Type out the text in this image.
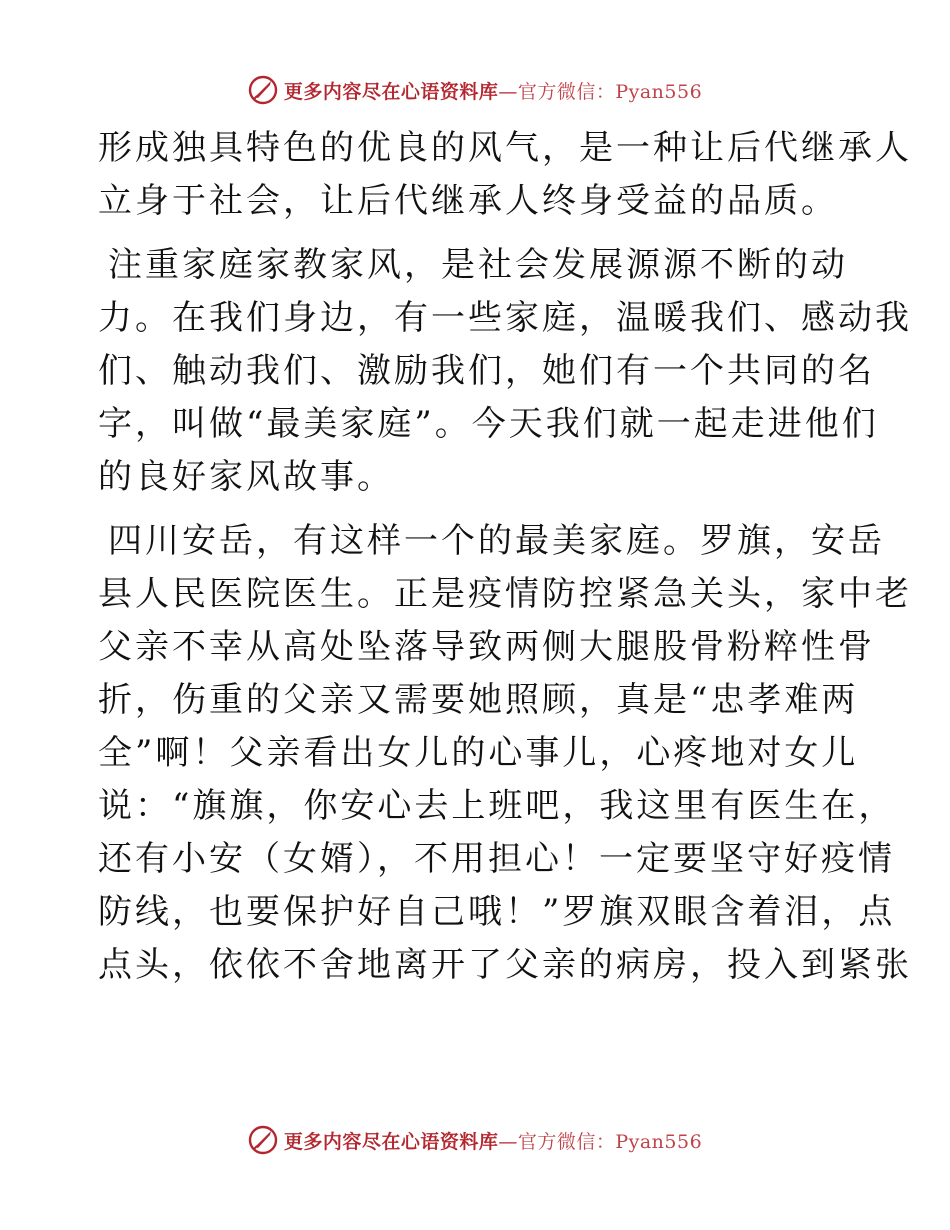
更多内容尽在心语资料库—官方微信：Pyan556

形成独具特色的优良的风气，是一种让后代继承人
立身于社会，让后代继承人终身受益的品质。

注重家庭家教家风，是社会发展源源不断的动
力。在我们身边，有一些家庭，温暖我们、感动我
们、触动我们、激励我们，她们有一个共同的名
字，叫做“最美家庭”。今天我们就一起走进他们
的良好家风故事。

四川安岳，有这样一个的最美家庭。罗旗，安岳
县人民医院医生。正是疫情防控紧急关头，家中老
父亲不幸从高处坠落导致两侧大腿股骨粉粹性骨
折，伤重的父亲又需要她照顾，真是“忠孝难两
全”啊！父亲看出女儿的心事儿，心疼地对女儿
说：“旗旗，你安心去上班吧，我这里有医生在，
还有小安（女婿），不用担心！一定要坚守好疫情
防线，也要保护好自己哦！”罗旗双眼含着泪，点
点头，依依不舍地离开了父亲的病房，投入到紧张

更多内容尽在心语资料库—官方微信：Pyan556
